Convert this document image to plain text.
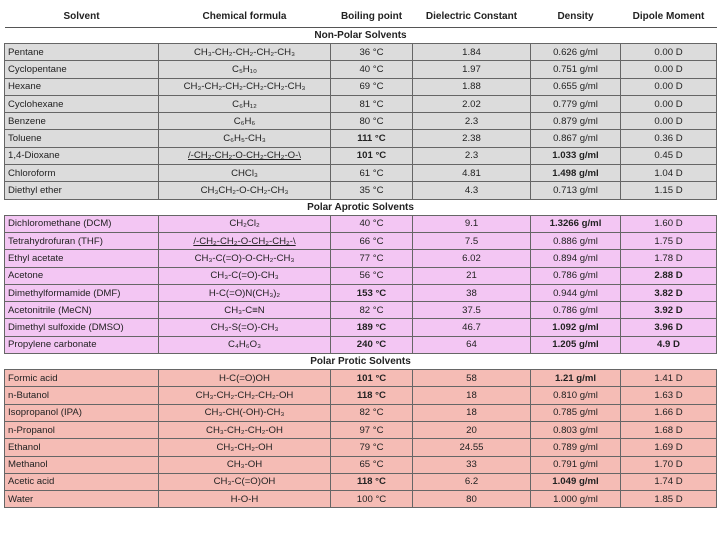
Solvent	Chemical formula	Boiling point	Dielectric Constant	Density	Dipole Moment
Non-Polar Solvents					
Pentane	CH₃-CH₂-CH₂-CH₂-CH₃	36 °C	1.84	0.626 g/ml	0.00 D
Cyclopentane	C₅H₁₀	40 °C	1.97	0.751 g/ml	0.00 D
Hexane	CH₃-CH₂-CH₂-CH₂-CH₂-CH₃	69 °C	1.88	0.655 g/ml	0.00 D
Cyclohexane	C₆H₁₂	81 °C	2.02	0.779 g/ml	0.00 D
Benzene	C₆H₆	80 °C	2.3	0.879 g/ml	0.00 D
Toluene	C₆H₅-CH₃	111 °C	2.38	0.867 g/ml	0.36 D
1,4-Dioxane	/-CH₂-CH₂-O-CH₂-CH₂-O-\	101 °C	2.3	1.033 g/ml	0.45 D
Chloroform	CHCl₃	61 °C	4.81	1.498 g/ml	1.04 D
Diethyl ether	CH₃CH₂-O-CH₂-CH₃	35 °C	4.3	0.713 g/ml	1.15 D
Polar Aprotic Solvents					
Dichloromethane (DCM)	CH₂Cl₂	40 °C	9.1	1.3266 g/ml	1.60 D
Tetrahydrofuran (THF)	/-CH₂-CH₂-O-CH₂-CH₂-\	66 °C	7.5	0.886 g/ml	1.75 D
Ethyl acetate	CH₃-C(=O)-O-CH₂-CH₃	77 °C	6.02	0.894 g/ml	1.78 D
Acetone	CH₃-C(=O)-CH₃	56 °C	21	0.786 g/ml	2.88 D
Dimethylformamide (DMF)	H-C(=O)N(CH₃)₂	153 °C	38	0.944 g/ml	3.82 D
Acetonitrile (MeCN)	CH₃-C≡N	82 °C	37.5	0.786 g/ml	3.92 D
Dimethyl sulfoxide (DMSO)	CH₃-S(=O)-CH₃	189 °C	46.7	1.092 g/ml	3.96 D
Propylene carbonate	C₄H₆O₃	240 °C	64	1.205 g/ml	4.9 D
Polar Protic Solvents					
Formic acid	H-C(=O)OH	101 °C	58	1.21 g/ml	1.41 D
n-Butanol	CH₃-CH₂-CH₂-CH₂-OH	118 °C	18	0.810 g/ml	1.63 D
Isopropanol (IPA)	CH₃-CH(-OH)-CH₃	82 °C	18	0.785 g/ml	1.66 D
n-Propanol	CH₃-CH₂-CH₂-OH	97 °C	20	0.803 g/ml	1.68 D
Ethanol	CH₃-CH₂-OH	79 °C	24.55	0.789 g/ml	1.69 D
Methanol	CH₃-OH	65 °C	33	0.791 g/ml	1.70 D
Acetic acid	CH₃-C(=O)OH	118 °C	6.2	1.049 g/ml	1.74 D
Water	H-O-H	100 °C	80	1.000 g/ml	1.85 D
